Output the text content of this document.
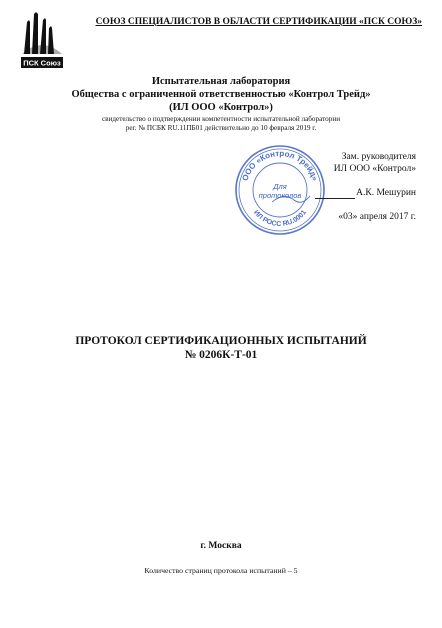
ПСК Союз
СОЮЗ СПЕЦИАЛИСТОВ В ОБЛАСТИ СЕРТИФИКАЦИИ «ПСК СОЮЗ»
Испытательная лаборатория
Общества с ограниченной ответственностью «Контрол Трейд»
(ИЛ ООО «Контрол»)
свидетельство о подтверждении компетентности испытательной лаборатории
рег. № ПСБК RU.11ПБ01 действительно до 10 февраля 2019 г.
ООО «Контрол Трейд»
ИЛ РОСС RU.0001
Для
протоколов
Зам. руководителя
ИЛ ООО «Контрол»
А.К. Мешурин
«03» апреля 2017 г.
ПРОТОКОЛ СЕРТИФИКАЦИОННЫХ ИСПЫТАНИЙ
№ 0206К-Т-01
г. Москва
Количество страниц протокола испытаний – 5
